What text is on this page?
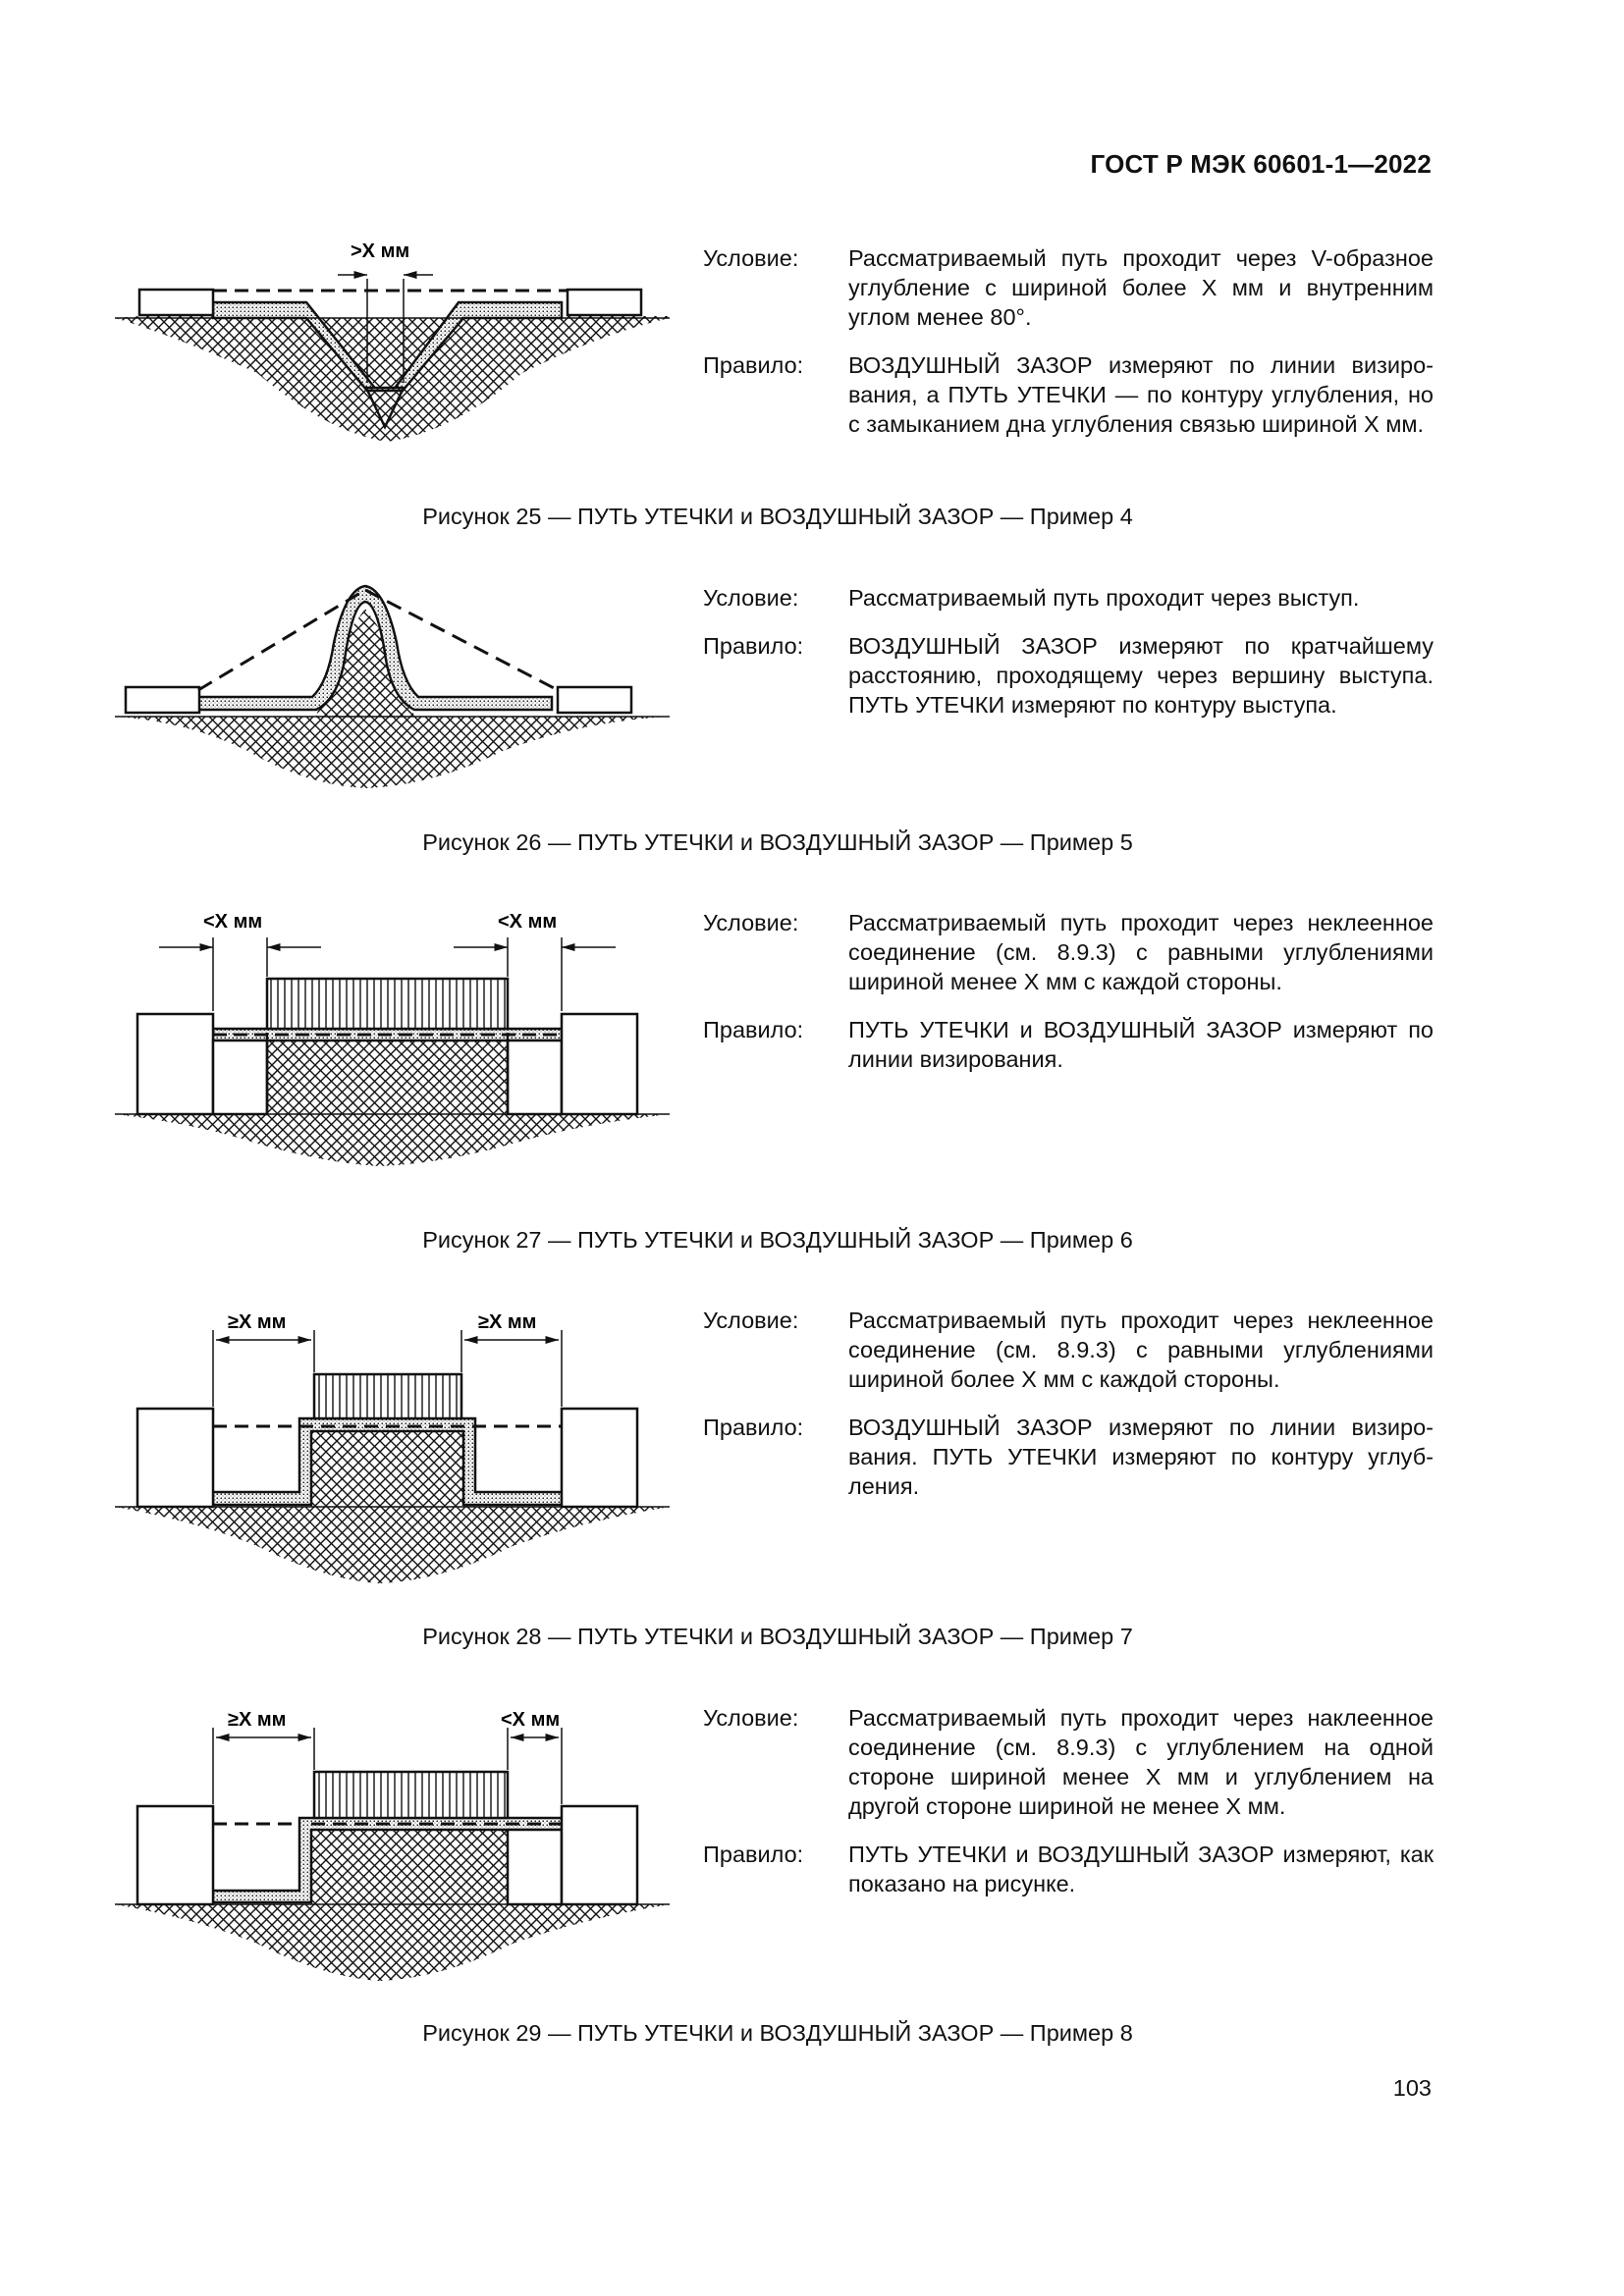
ГОСТ Р МЭК 60601-1—2022
>X мм	Условие:	Рассматриваемый путь проходит через V-образное углубление с шириной более X мм и внутренним углом менее 80°.
Правило:	ВОЗДУШНЫЙ ЗАЗОР измеряют по линии визирования, а ПУТЬ УТЕЧКИ — по контуру углубления, но с замыканием дна углубления связью шириной X мм.
Рисунок 25 — ПУТЬ УТЕЧКИ и ВОЗДУШНЫЙ ЗАЗОР — Пример 4
Условие:	Рассматриваемый путь проходит через выступ.
Правило:	ВОЗДУШНЫЙ ЗАЗОР измеряют по кратчайшему расстоянию, проходящему через вершину выступа. ПУТЬ УТЕЧКИ измеряют по контуру выступа.
Рисунок 26 — ПУТЬ УТЕЧКИ и ВОЗДУШНЫЙ ЗАЗОР — Пример 5
<X мм	<X мм	Условие:	Рассматриваемый путь проходит через неклеенное соединение (см. 8.9.3) с равными углублениями шириной менее X мм с каждой стороны.
Правило:	ПУТЬ УТЕЧКИ и ВОЗДУШНЫЙ ЗАЗОР измеряют по линии визирования.
Рисунок 27 — ПУТЬ УТЕЧКИ и ВОЗДУШНЫЙ ЗАЗОР — Пример 6
≥X мм	≥X мм	Условие:	Рассматриваемый путь проходит через неклеенное соединение (см. 8.9.3) с равными углублениями шириной более X мм с каждой стороны.
Правило:	ВОЗДУШНЫЙ ЗАЗОР измеряют по линии визирования. ПУТЬ УТЕЧКИ измеряют по контуру углубления.
Рисунок 28 — ПУТЬ УТЕЧКИ и ВОЗДУШНЫЙ ЗАЗОР — Пример 7
≥X мм	<X мм	Условие:	Рассматриваемый путь проходит через наклеенное соединение (см. 8.9.3) с углублением на одной стороне шириной менее X мм и углублением на другой стороне шириной не менее X мм.
Правило:	ПУТЬ УТЕЧКИ и ВОЗДУШНЫЙ ЗАЗОР измеряют, как показано на рисунке.
Рисунок 29 — ПУТЬ УТЕЧКИ и ВОЗДУШНЫЙ ЗАЗОР — Пример 8
103
